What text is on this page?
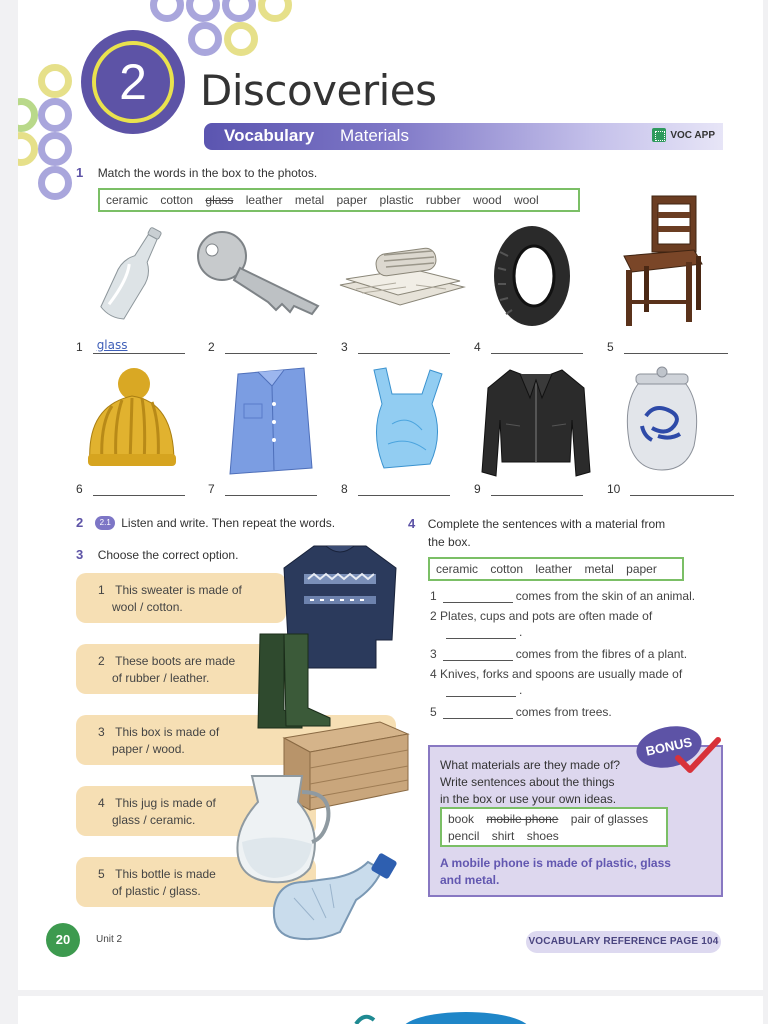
2	Discoveries
Vocabulary Materials	VOC APP
1 Match the words in the box to the photos.
ceramic cotton glass leather metal paper plastic rubber wood wool
1 glass	2	3	4	5
6	7	8	9	10
2	2.1 Listen and write. Then repeat the words.
3 Choose the correct option.
1 This sweater is made of
wool / cotton.
2 These boots are made
of rubber / leather.
3 This box is made of
paper / wood.
4 This jug is made of
glass / ceramic.
5 This bottle is made
of plastic / glass.
4 Complete the sentences with a material from
the box.
ceramic cotton leather metal paper
1	comes from the skin of an animal.
2 Plates, cups and pots are often made of
.
3	comes from the fibres of a plant.
4 Knives, forks and spoons are usually made of
.
5	comes from trees.
What materials are they made of?
Write sentences about the things
in the box or use your own ideas.
book mobile phone pair of glasses
pencil shirt shoes
A mobile phone is made of plastic, glass
and metal.
BONUS
20	Unit 2	VOCABULARY REFERENCE PAGE 104
